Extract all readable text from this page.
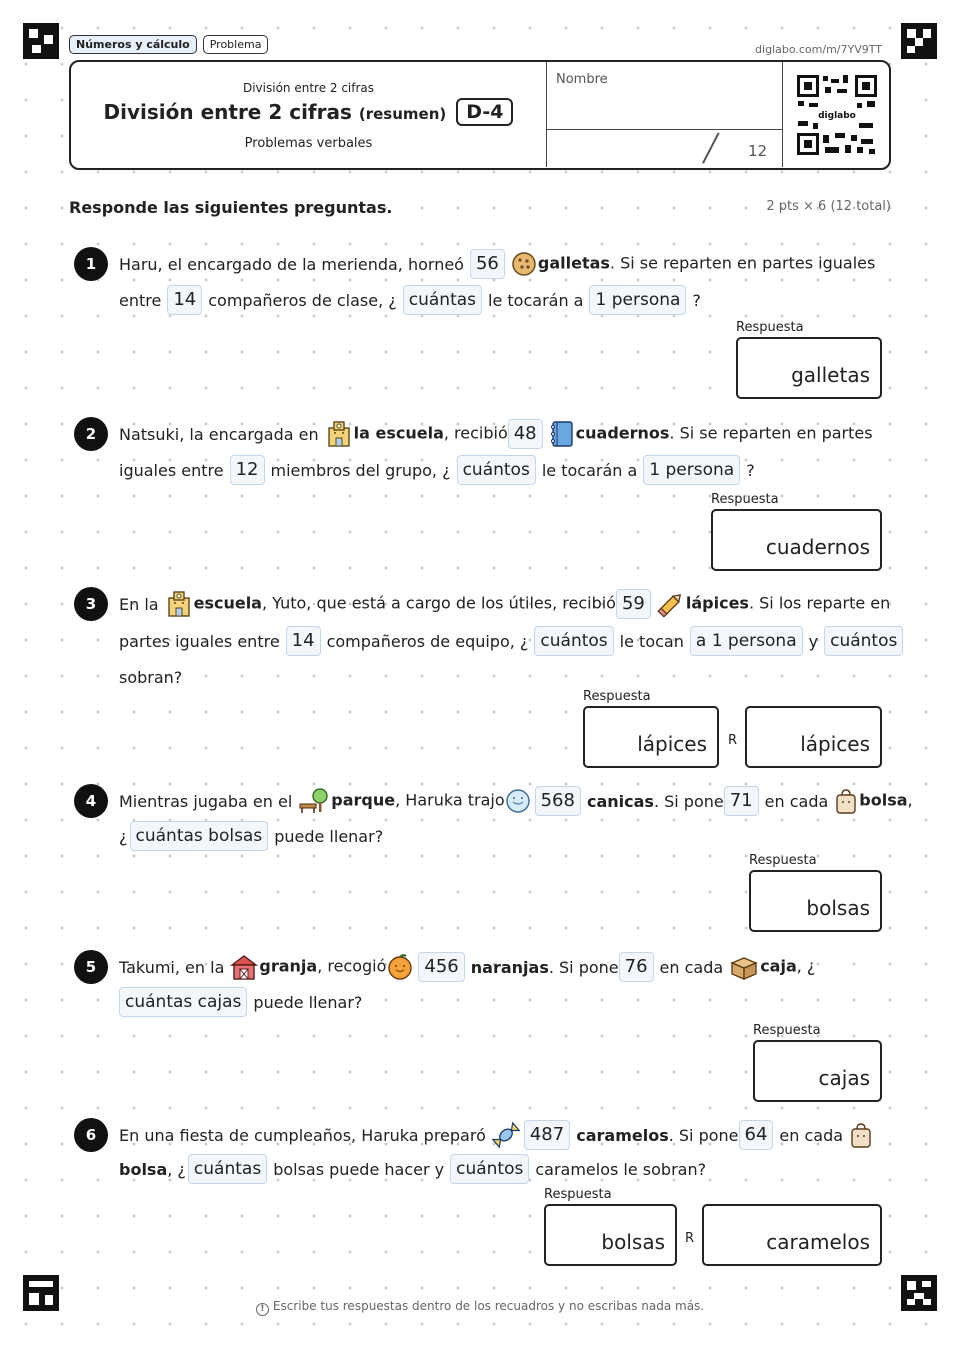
Números y cálculo	Problema	diglabo.com/m/7YV9TT
División entre 2 cifras
División entre 2 cifras (resumen)	D-4
Problemas verbales
Nombre
╱ 12
diglabo
Responde las siguientes preguntas.	2 pts × 6 (12 total)
1	Haru, el encargado de la merienda, horneó 56	galletas. Si se reparten en partes iguales
entre 14 compañeros de clase, ¿ cuántas le tocarán a 1 persona ?
Respuesta
galletas
2	Natsuki, la encargada en	la escuela, recibió 48	cuadernos. Si se reparten en partes
iguales entre 12 miembros del grupo, ¿ cuántos le tocarán a 1 persona ?
Respuesta
cuadernos
3	En la	escuela, Yuto, que está a cargo de los útiles, recibió 59	lápices. Si los reparte en
partes iguales entre 14 compañeros de equipo, ¿ cuántos le tocan a 1 persona y cuántos
sobran?
Respuesta
lápices R	lápices
4	Mientras jugaba en el	parque, Haruka trajo	568 canicas. Si pone 71 en cada	bolsa,
¿ cuántas bolsas puede llenar?
Respuesta
bolsas
5	Takumi, en la	granja, recogió	456 naranjas. Si pone 76 en cada	caja, ¿
cuántas cajas puede llenar?
Respuesta
cajas
6	En una fiesta de cumpleaños, Haruka preparó	487 caramelos. Si pone 64 en cada
bolsa, ¿ cuántas bolsas puede hacer y cuántos caramelos le sobran?
Respuesta
bolsas R	caramelos
! Escribe tus respuestas dentro de los recuadros y no escribas nada más.
